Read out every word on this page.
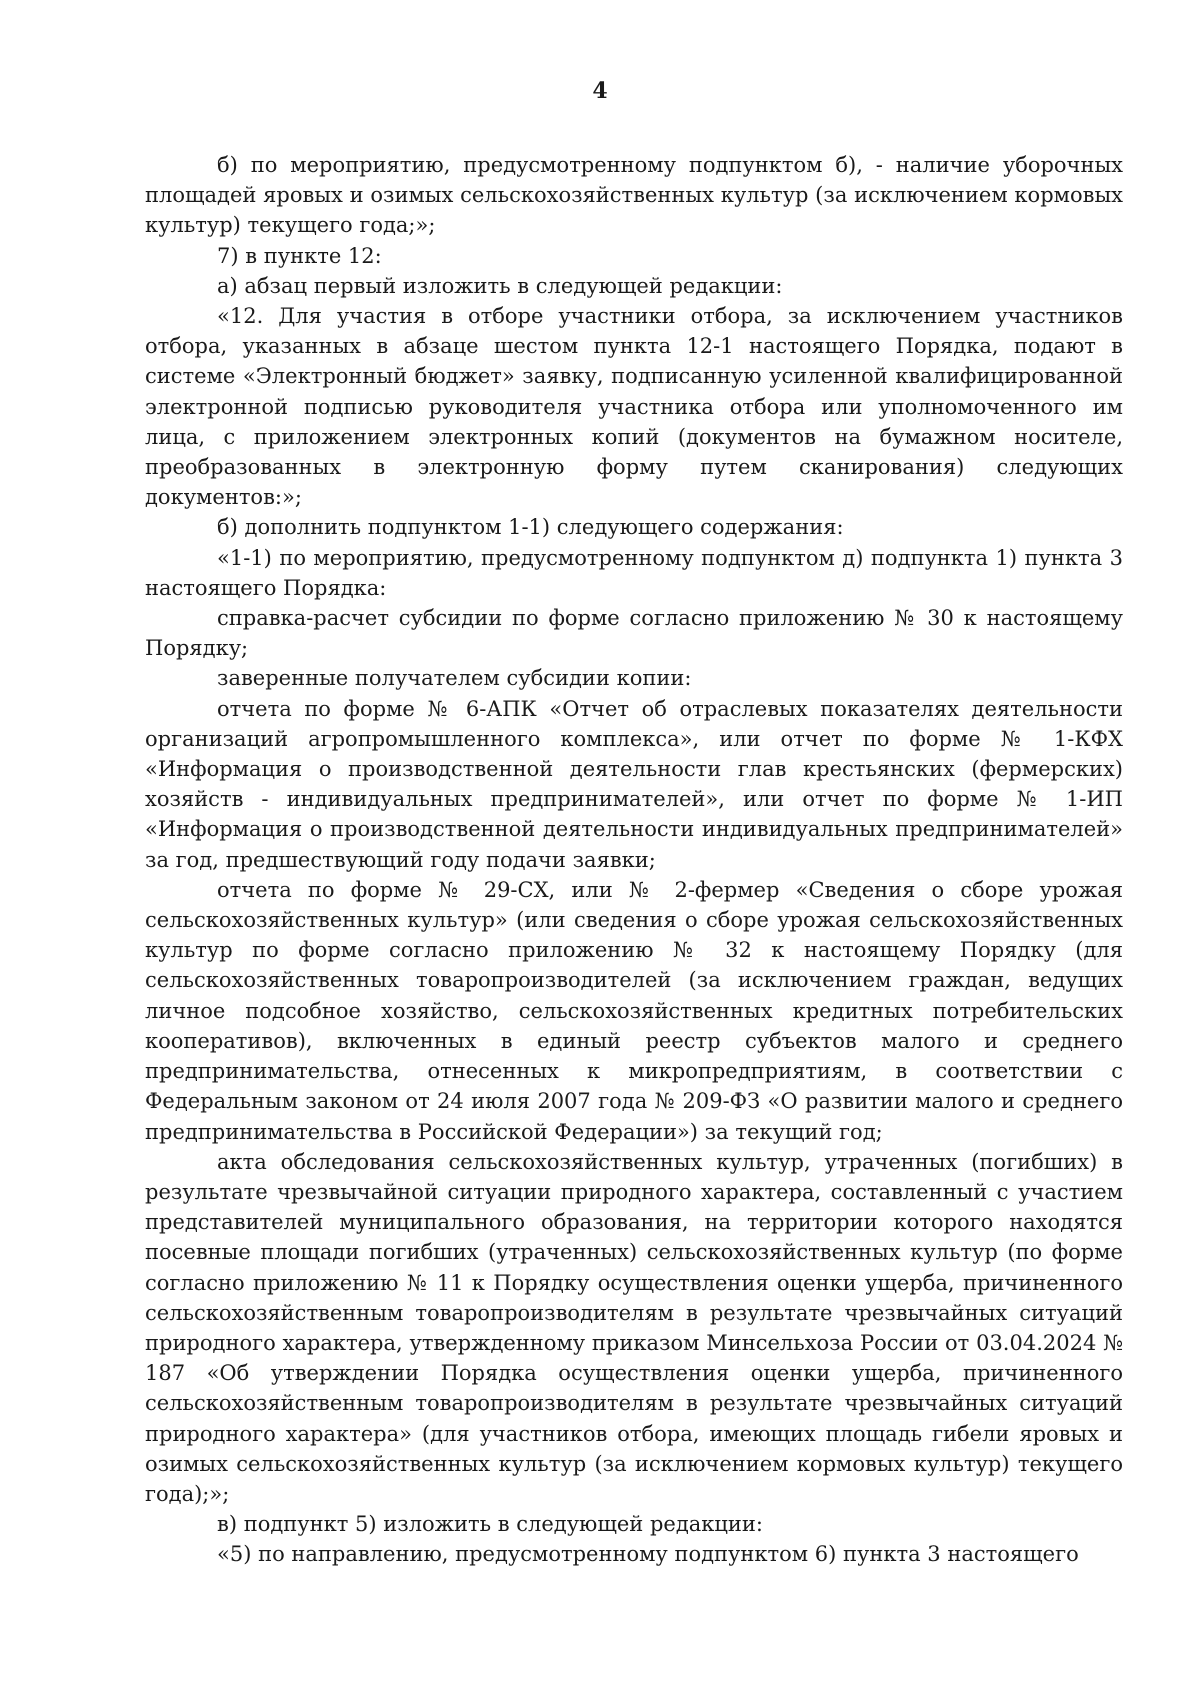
4

б) по мероприятию, предусмотренному подпунктом б), - наличие уборочных площадей яровых и озимых сельскохозяйственных культур (за исключением кормовых культур) текущего года;»;

7) в пункте 12:

а) абзац первый изложить в следующей редакции:

«12. Для участия в отборе участники отбора, за исключением участников отбора, указанных в абзаце шестом пункта 12-1 настоящего Порядка, подают в системе «Электронный бюджет» заявку, подписанную усиленной квалифицированной электронной подписью руководителя участника отбора или уполномоченного им лица, с приложением электронных копий (документов на бумажном носителе, преобразованных в электронную форму путем сканирования) следующих документов:»;

б) дополнить подпунктом 1-1) следующего содержания:

«1-1) по мероприятию, предусмотренному подпунктом д) подпункта 1) пункта 3 настоящего Порядка:

справка-расчет субсидии по форме согласно приложению № 30 к настоящему Порядку;

заверенные получателем субсидии копии:

отчета по форме № 6-АПК «Отчет об отраслевых показателях деятельности организаций агропромышленного комплекса», или отчет по форме № 1-КФХ «Информация о производственной деятельности глав крестьянских (фермерских) хозяйств - индивидуальных предпринимателей», или отчет по форме № 1-ИП «Информация о производственной деятельности индивидуальных предпринимателей» за год, предшествующий году подачи заявки;

отчета по форме № 29-СХ, или № 2-фермер «Сведения о сборе урожая сельскохозяйственных культур» (или сведения о сборе урожая сельскохозяйственных культур по форме согласно приложению № 32 к настоящему Порядку (для сельскохозяйственных товаропроизводителей (за исключением граждан, ведущих личное подсобное хозяйство, сельскохозяйственных кредитных потребительских кооперативов), включенных в единый реестр субъектов малого и среднего предпринимательства, отнесенных к микропредприятиям, в соответствии с Федеральным законом от 24 июля 2007 года № 209-ФЗ «О развитии малого и среднего предпринимательства в Российской Федерации») за текущий год;

акта обследования сельскохозяйственных культур, утраченных (погибших) в результате чрезвычайной ситуации природного характера, составленный с участием представителей муниципального образования, на территории которого находятся посевные площади погибших (утраченных) сельскохозяйственных культур (по форме согласно приложению № 11 к Порядку осуществления оценки ущерба, причиненного сельскохозяйственным товаропроизводителям в результате чрезвычайных ситуаций природного характера, утвержденному приказом Минсельхоза России от 03.04.2024 № 187 «Об утверждении Порядка осуществления оценки ущерба, причиненного сельскохозяйственным товаропроизводителям в результате чрезвычайных ситуаций природного характера» (для участников отбора, имеющих площадь гибели яровых и озимых сельскохозяйственных культур (за исключением кормовых культур) текущего года);»;

в) подпункт 5) изложить в следующей редакции:

«5) по направлению, предусмотренному подпунктом 6) пункта 3 настоящего
